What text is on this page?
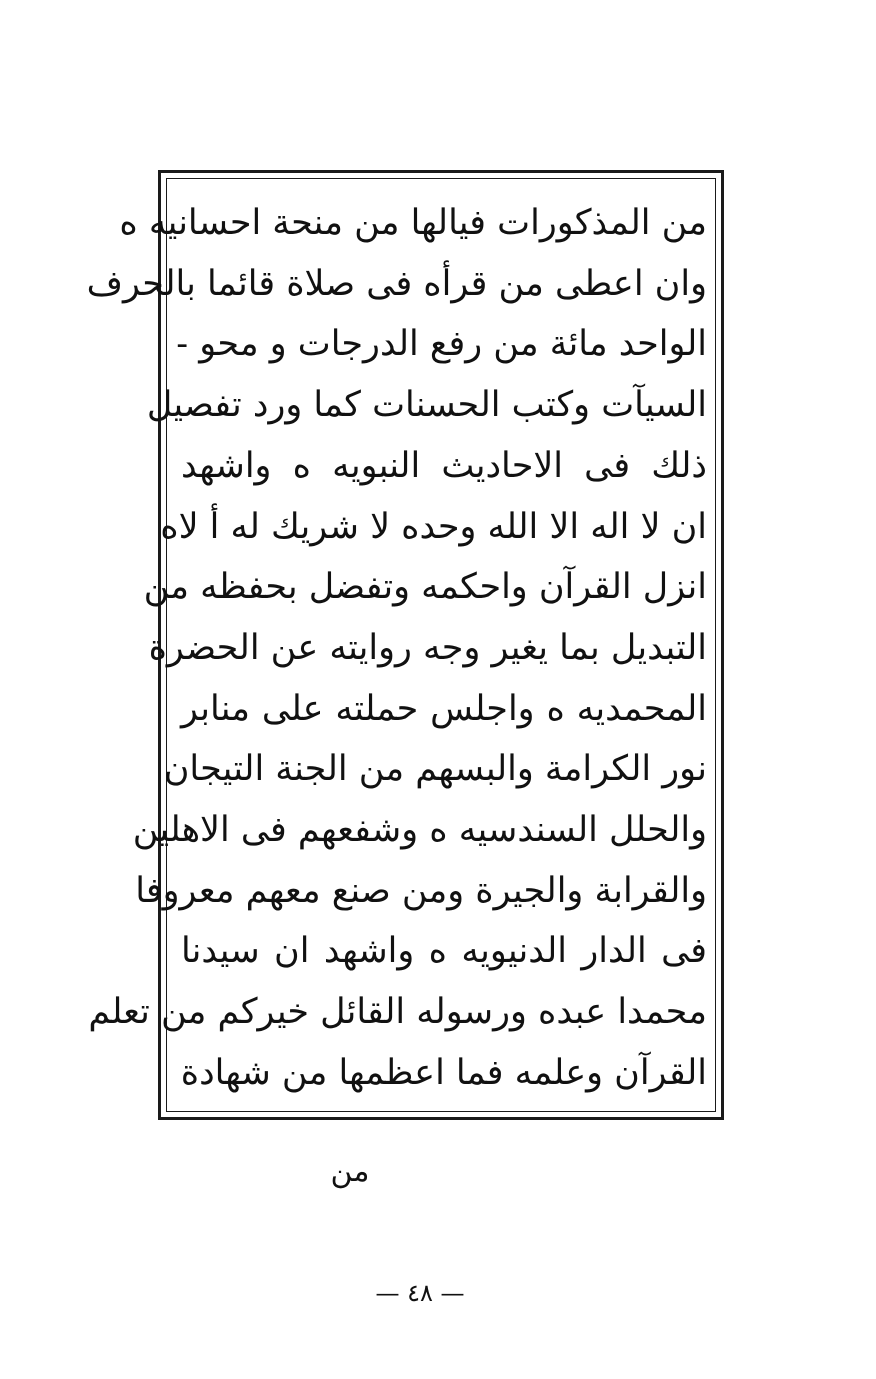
من المذكورات فيالها من منحة احسانيه ه
وان اعطى من قرأه فى صلاة قائما بالحرف
الواحد مائة من رفع الدرجات و محو -
السيآت وكتب الحسنات كما ورد تفصيل
ذلك فى الاحاديث النبويه ه واشهد
ان لا اله الا الله وحده لا شريك له أ لاه
انزل القرآن واحكمه وتفضل بحفظه من
التبديل بما يغير وجه روايته عن الحضرة
المحمديه ه واجلس حملته على منابر
نور الكرامة والبسهم من الجنة التيجان
والحلل السندسيه ه وشفعهم فى الاهلين
والقرابة والجيرة ومن صنع معهم معروفا
فى الدار الدنيويه ه واشهد ان سيدنا
محمدا عبده ورسوله القائل خيركم من تعلم
القرآن وعلمه فما اعظمها من شهادة
من
— ٤٨ —
